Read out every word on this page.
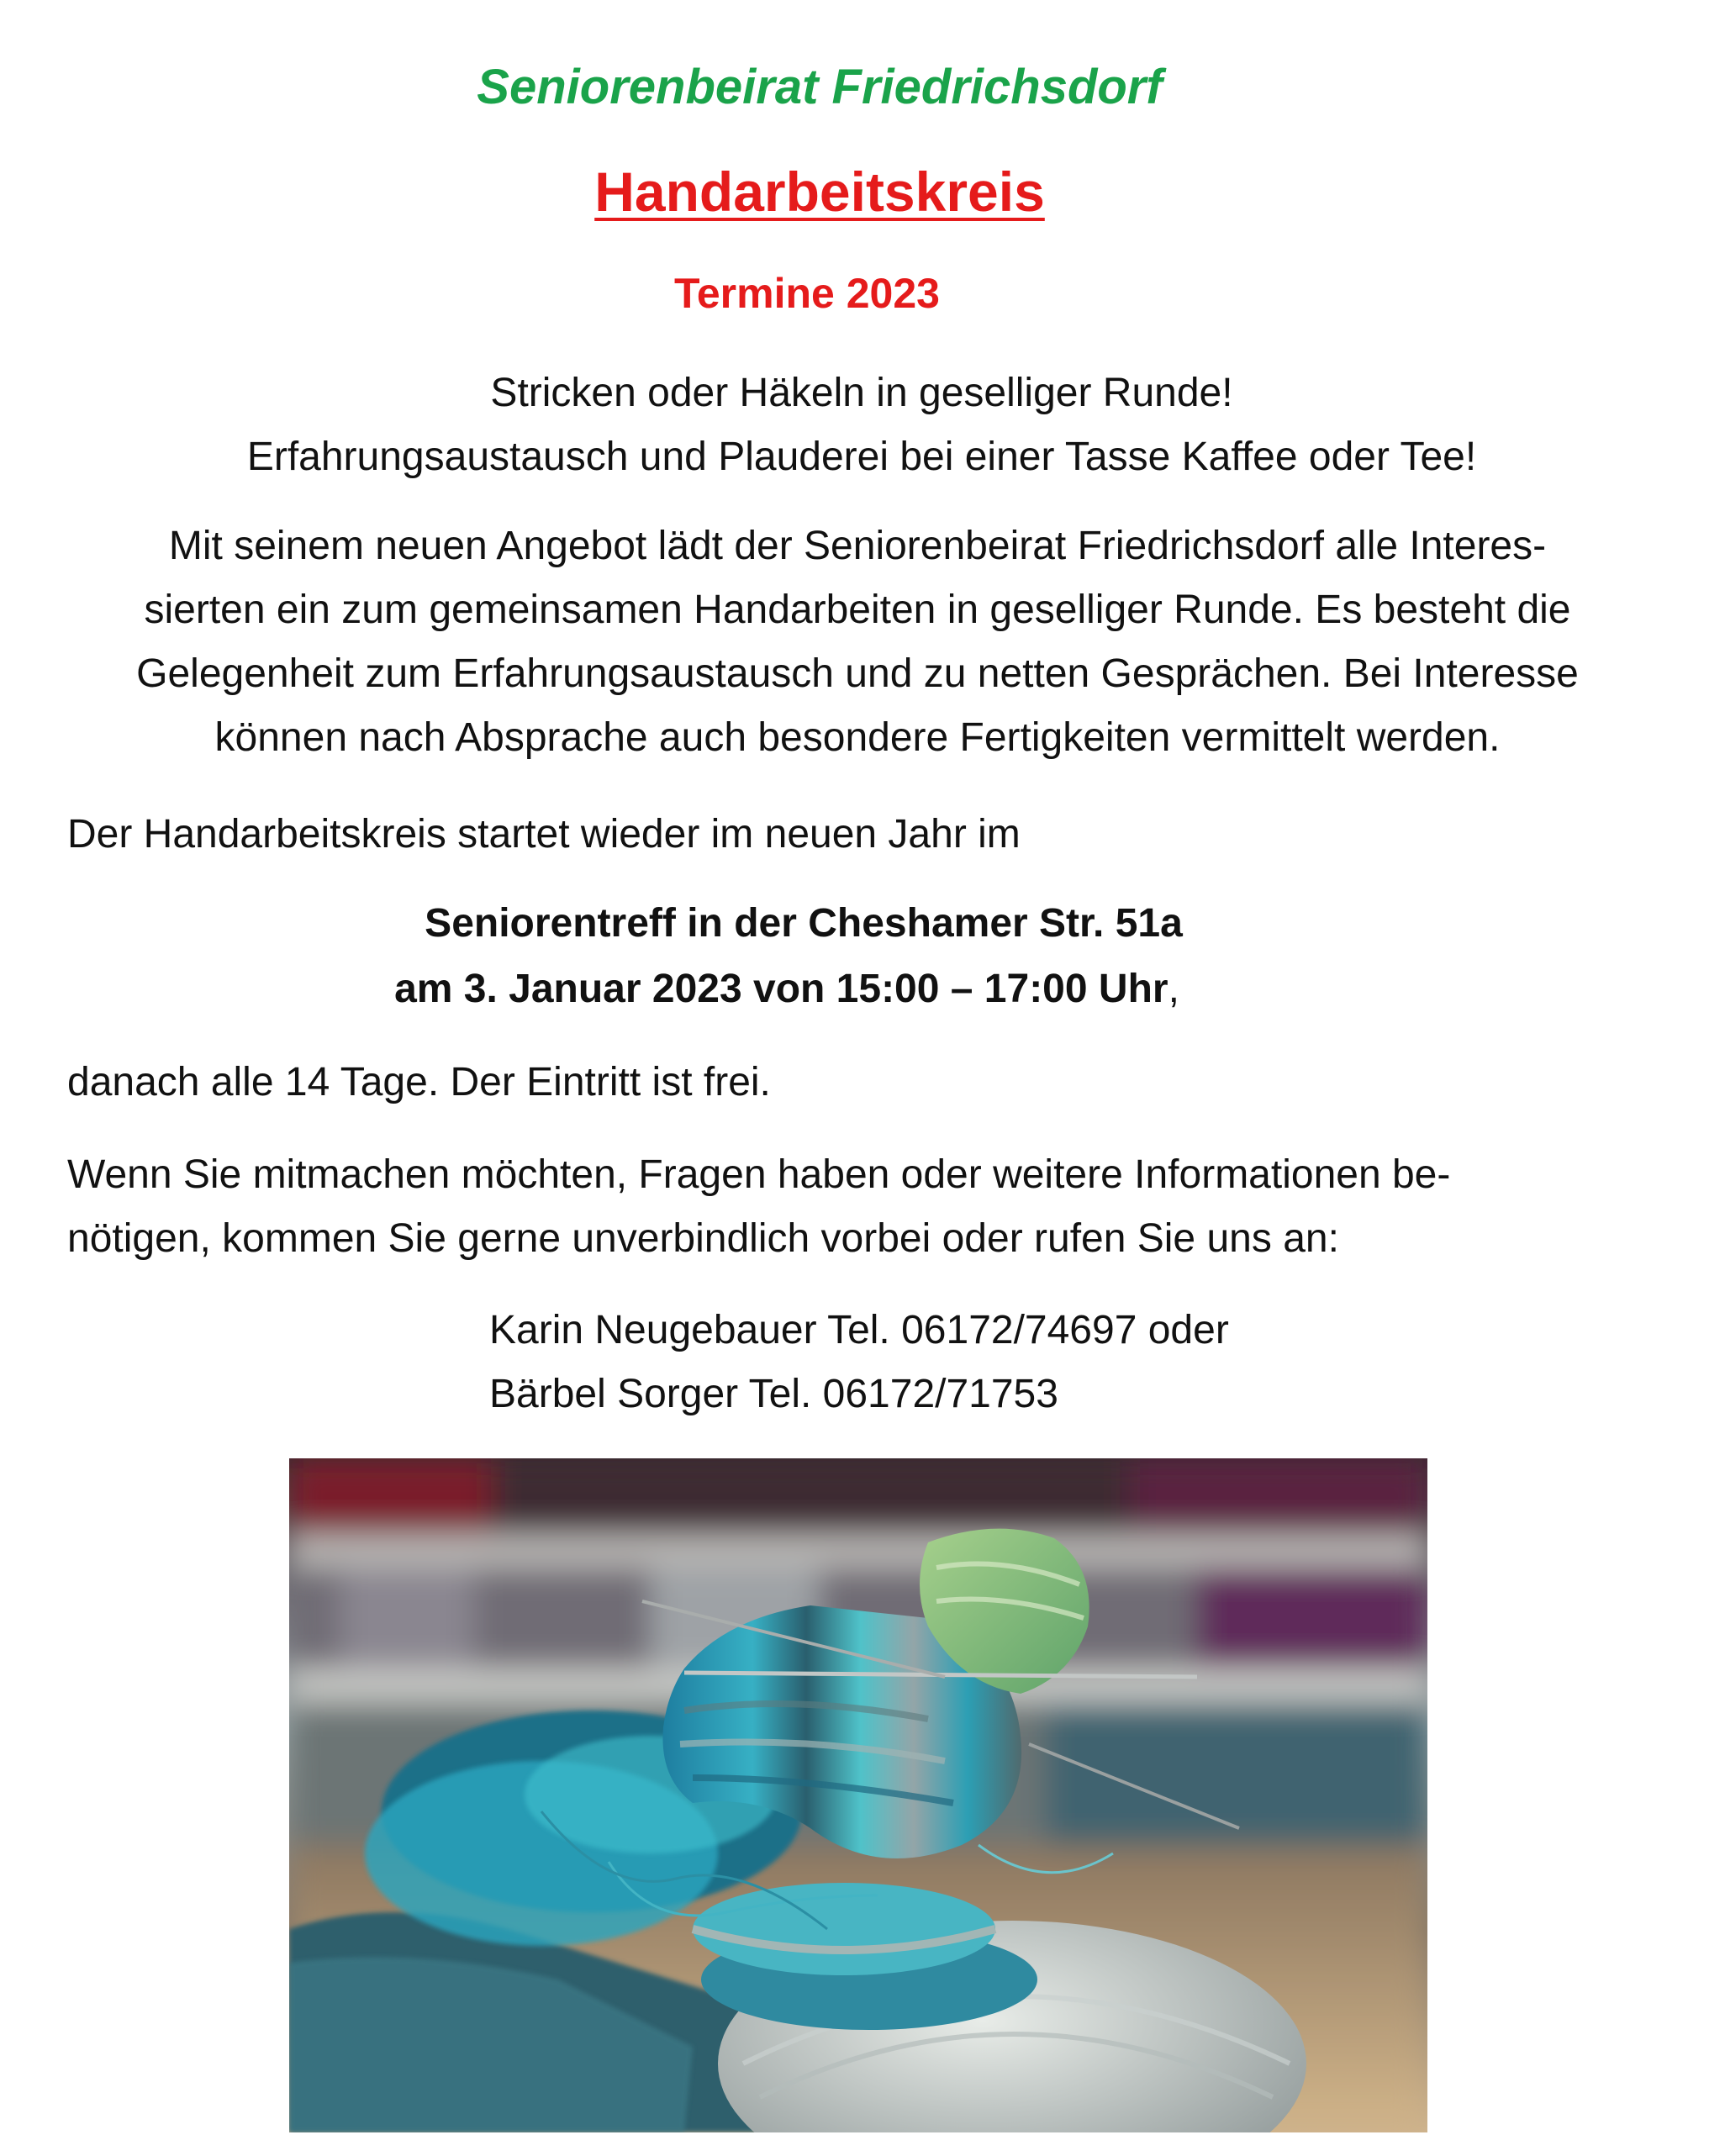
Seniorenbeirat Friedrichsdorf
Handarbeitskreis
Termine 2023
Stricken oder Häkeln in geselliger Runde!
Erfahrungsaustausch und Plauderei bei einer Tasse Kaffee oder Tee!
Mit seinem neuen Angebot lädt der Seniorenbeirat Friedrichsdorf alle Interes-
sierten ein zum gemeinsamen Handarbeiten in geselliger Runde. Es besteht die
Gelegenheit zum Erfahrungsaustausch und zu netten Gesprächen. Bei Interesse
können nach Absprache auch besondere Fertigkeiten vermittelt werden.
Der Handarbeitskreis startet wieder im neuen Jahr im
Seniorentreff in der Cheshamer Str. 51a
am 3. Januar 2023 von 15:00 – 17:00 Uhr,
danach alle 14 Tage. Der Eintritt ist frei.
Wenn Sie mitmachen möchten, Fragen haben oder weitere Informationen be-
nötigen, kommen Sie gerne unverbindlich vorbei oder rufen Sie uns an:
Karin Neugebauer Tel. 06172/74697 oder
Bärbel Sorger Tel. 06172/71753
